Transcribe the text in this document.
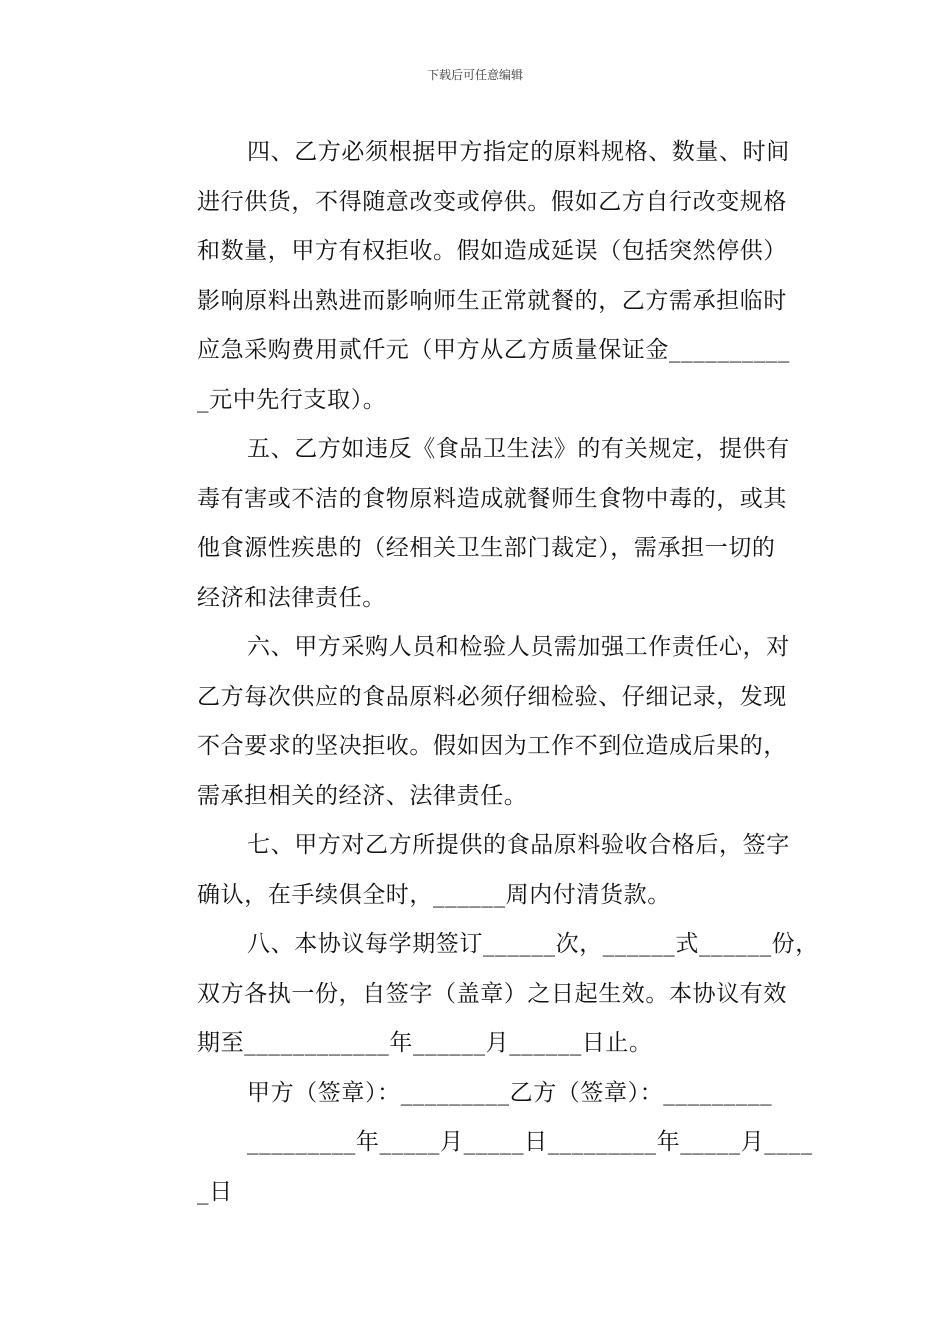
下载后可任意编辑
四、乙方必须根据甲方指定的原料规格、数量、时间
进行供货，不得随意改变或停供。假如乙方自行改变规格
和数量，甲方有权拒收。假如造成延误（包括突然停供）
影响原料出熟进而影响师生正常就餐的，乙方需承担临时
应急采购费用贰仟元（甲方从乙方质量保证金__________
_元中先行支取）。
五、乙方如违反《食品卫生法》的有关规定，提供有
毒有害或不洁的食物原料造成就餐师生食物中毒的，或其
他食源性疾患的（经相关卫生部门裁定），需承担一切的
经济和法律责任。
六、甲方采购人员和检验人员需加强工作责任心，对
乙方每次供应的食品原料必须仔细检验、仔细记录，发现
不合要求的坚决拒收。假如因为工作不到位造成后果的，
需承担相关的经济、法律责任。
七、甲方对乙方所提供的食品原料验收合格后，签字
确认，在手续俱全时，______周内付清货款。
八、本协议每学期签订______次，______式______份，
双方各执一份，自签字（盖章）之日起生效。本协议有效
期至____________年______月______日止。
甲方（签章）：_________乙方（签章）：_________
_________年_____月_____日_________年_____月____
_日
